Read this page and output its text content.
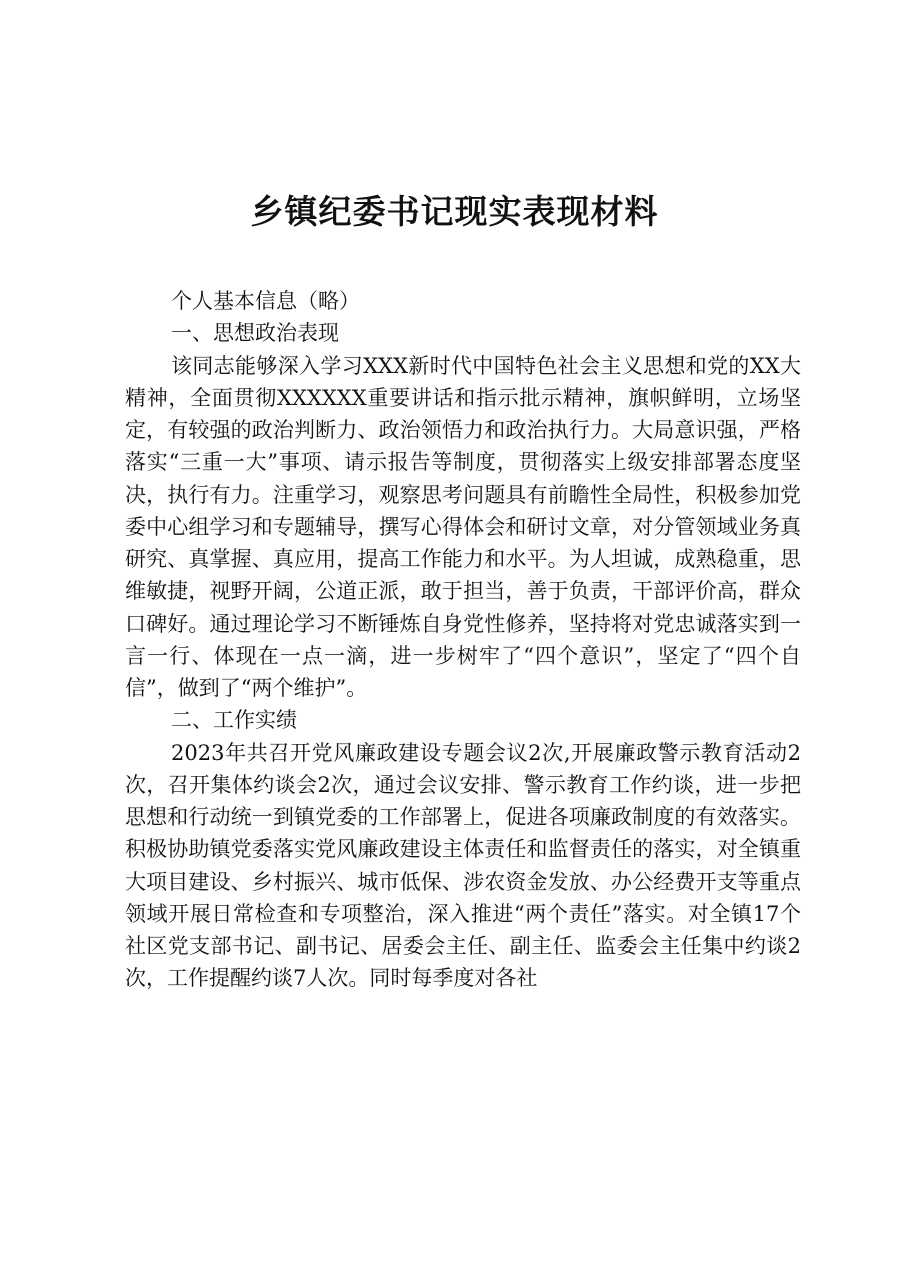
乡镇纪委书记现实表现材料

个人基本信息（略）

一、思想政治表现

该同志能够深入学习XXX新时代中国特色社会主义思想和党的XX大精神，全面贯彻XXXXXX重要讲话和指示批示精神，旗帜鲜明，立场坚定，有较强的政治判断力、政治领悟力和政治执行力。大局意识强，严格落实“三重一大”事项、请示报告等制度，贯彻落实上级安排部署态度坚决，执行有力。注重学习，观察思考问题具有前瞻性全局性，积极参加党委中心组学习和专题辅导，撰写心得体会和研讨文章，对分管领域业务真研究、真掌握、真应用，提高工作能力和水平。为人坦诚，成熟稳重，思维敏捷，视野开阔，公道正派，敢于担当，善于负责，干部评价高，群众口碑好。通过理论学习不断锤炼自身党性修养，坚持将对党忠诚落实到一言一行、体现在一点一滴，进一步树牢了“四个意识”，坚定了“四个自信”，做到了“两个维护”。

二、工作实绩

2023年共召开党风廉政建设专题会议2次,开展廉政警示教育活动2次，召开集体约谈会2次，通过会议安排、警示教育工作约谈，进一步把思想和行动统一到镇党委的工作部署上，促进各项廉政制度的有效落实。积极协助镇党委落实党风廉政建设主体责任和监督责任的落实，对全镇重大项目建设、乡村振兴、城市低保、涉农资金发放、办公经费开支等重点领域开展日常检查和专项整治，深入推进“两个责任”落实。对全镇17个社区党支部书记、副书记、居委会主任、副主任、监委会主任集中约谈2次，工作提醒约谈7人次。同时每季度对各社
